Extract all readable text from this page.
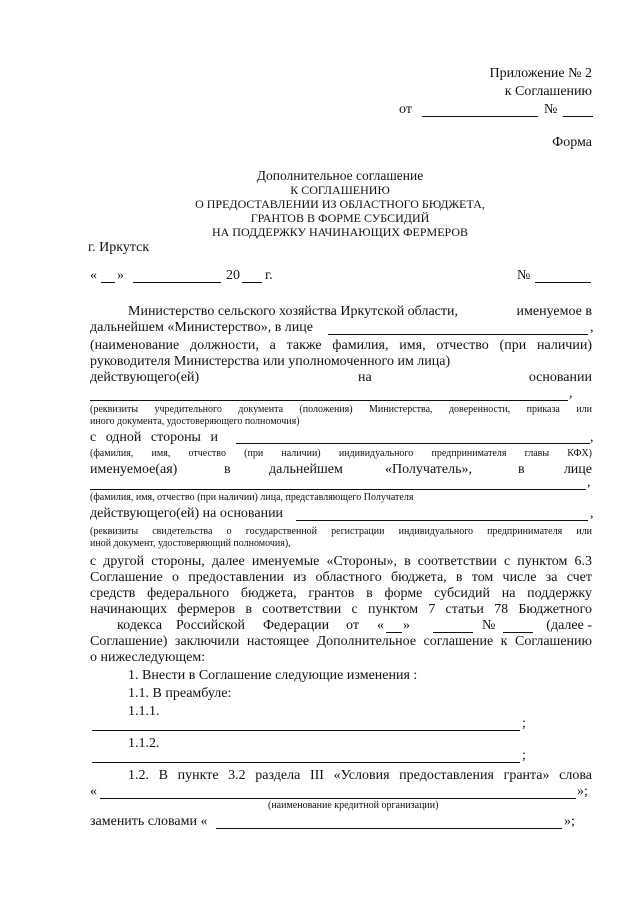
Приложение № 2
к Соглашению
от	№
Форма
Дополнительное соглашение
К СОГЛАШЕНИЮ
О ПРЕДОСТАВЛЕНИИ ИЗ ОБЛАСТНОГО БЮДЖЕТА,
ГРАНТОВ В ФОРМЕ СУБСИДИЙ
НА ПОДДЕРЖКУ НАЧИНАЮЩИХ ФЕРМЕРОВ
г. Иркутск
« »	20 г.	№
Министерство сельского хозяйства Иркутской области,	именуемое в
дальнейшем «Министерство», в лице	,
(наименование должности, а также фамилия, имя, отчество (при наличии)
руководителя Министерства или уполномоченного им лица)
действующего(ей)	на	основании
,
(реквизиты учредительного документа (положения) Министерства, доверенности, приказа или
иного документа, удостоверяющего полномочия)
с одной стороны и	,
(фамилия, имя, отчество (при наличии) индивидуального предпринимателя главы КФХ)
именуемое(ая)	в	дальнейшем	«Получатель»,	в	лице
,
(фамилия, имя, отчество (при наличии) лица, представляющего Получателя
действующего(ей) на основании	,
(реквизиты свидетельства о государственной регистрации индивидуального предпринимателя или
иной документ, удостоверяющий полномочия),
с другой стороны, далее именуемые «Стороны», в соответствии с пунктом 6.3
Соглашение о предоставлении из областного бюджета, в том числе за счет
средств федерального бюджета, грантов в форме субсидий на поддержку
начинающих фермеров в соответствии с пунктом 7 статьи 78 Бюджетного
кодекса Российской Федерации от « »	№	(далее -
Соглашение) заключили настоящее Дополнительное соглашение к Соглашению
о нижеследующем:
1. Внести в Соглашение следующие изменения :
1.1. В преамбуле:
1.1.1.
;
1.1.2.
;
1.2. В пункте 3.2 раздела III «Условия предоставления гранта» слова
«	»;
(наименование кредитной организации)
заменить словами «	»;
